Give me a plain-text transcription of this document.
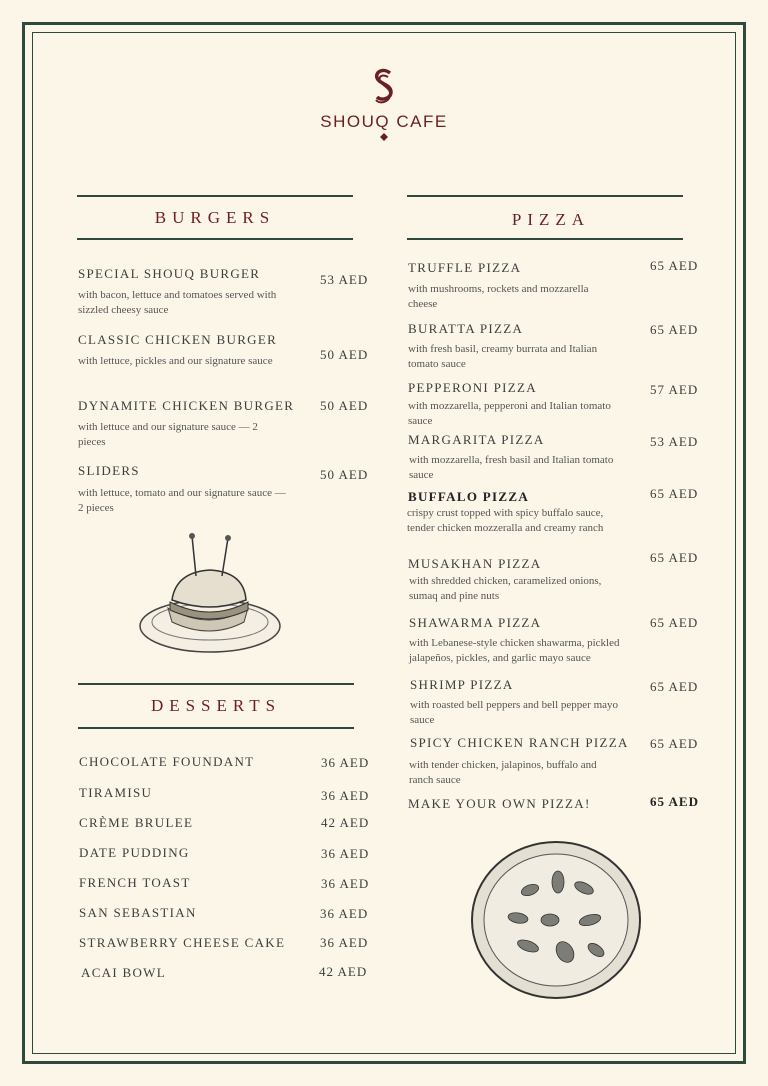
SHOUQ CAFE
BURGERS
SPECIAL SHOUQ BURGER
with bacon, lettuce and tomatoes served with sizzled cheesy sauce
53 AED
CLASSIC CHICKEN BURGER
with lettuce, pickles and our signature sauce	50 AED
DYNAMITE CHICKEN BURGER
with lettuce and our signature sauce — 2 pieces
50 AED
SLIDERS
with lettuce, tomato and our signature sauce — 2 pieces
50 AED
DESSERTS
CHOCOLATE FOUNDANT	36 AED
TIRAMISU	36 AED
CRÈME BRULEE	42 AED
DATE PUDDING	36 AED
FRENCH TOAST	36 AED
SAN SEBASTIAN	36 AED
STRAWBERRY CHEESE CAKE	36 AED
ACAI BOWL	42 AED
PIZZA
TRUFFLE PIZZA
with mushrooms, rockets and mozzarella cheese
65 AED
BURATTA PIZZA
with fresh basil, creamy burrata and Italian tomato sauce
65 AED
PEPPERONI PIZZA
with mozzarella, pepperoni and Italian tomato sauce
57 AED
MARGARITA PIZZA
with mozzarella, fresh basil and Italian tomato sauce
53 AED
BUFFALO PIZZA
crispy crust topped with spicy buffalo sauce, tender chicken mozzeralla and creamy ranch
65 AED
MUSAKHAN PIZZA
with shredded chicken, caramelized onions, sumaq and pine nuts
65 AED
SHAWARMA PIZZA
with Lebanese-style chicken shawarma, pickled jalapeños, pickles, and garlic mayo sauce
65 AED
SHRIMP PIZZA
with roasted bell peppers and bell pepper mayo sauce
65 AED
SPICY CHICKEN RANCH PIZZA
with tender chicken, jalapinos, buffalo and ranch sauce
65 AED
MAKE YOUR OWN PIZZA!	65 AED
